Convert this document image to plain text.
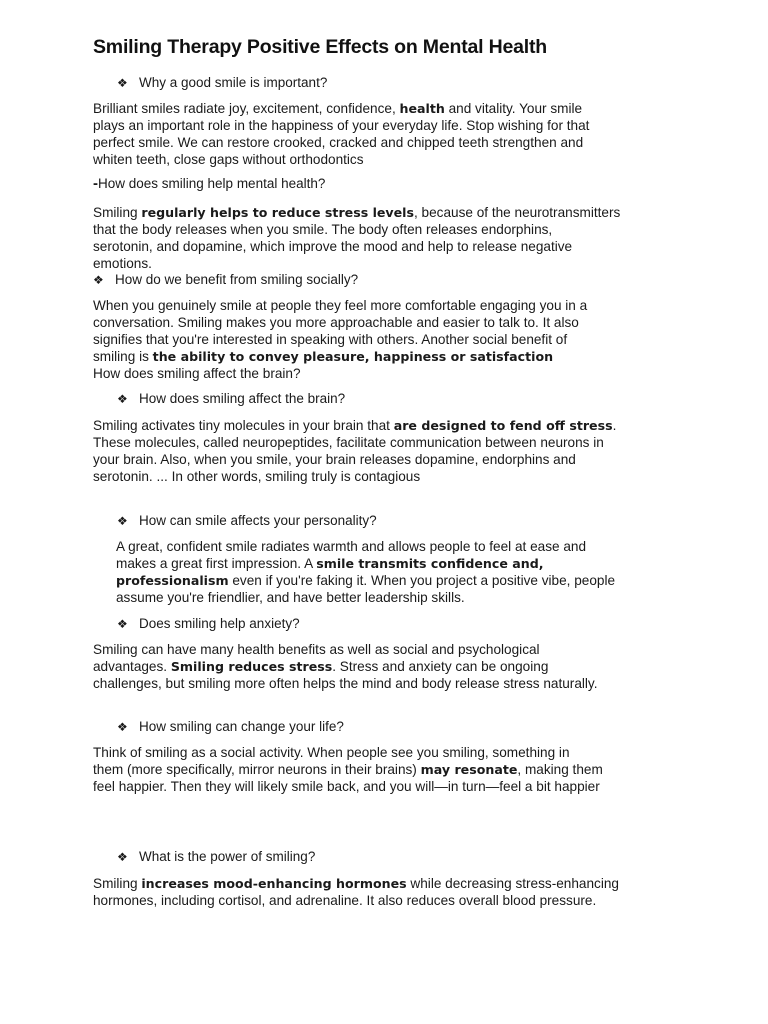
Smiling Therapy Positive Effects on Mental Health
❖ Why a good smile is important?
Brilliant smiles radiate joy, excitement, confidence, health and vitality. Your smile
plays an important role in the happiness of your everyday life. Stop wishing for that
perfect smile. We can restore crooked, cracked and chipped teeth strengthen and
whiten teeth, close gaps without orthodontics
-How does smiling help mental health?
Smiling regularly helps to reduce stress levels, because of the neurotransmitters
that the body releases when you smile. The body often releases endorphins,
serotonin, and dopamine, which improve the mood and help to release negative
emotions.
❖ How do we benefit from smiling socially?
When you genuinely smile at people they feel more comfortable engaging you in a
conversation. Smiling makes you more approachable and easier to talk to. It also
signifies that you're interested in speaking with others. Another social benefit of
smiling is the ability to convey pleasure, happiness or satisfaction
How does smiling affect the brain?
❖ How does smiling affect the brain?
Smiling activates tiny molecules in your brain that are designed to fend off stress.
These molecules, called neuropeptides, facilitate communication between neurons in
your brain. Also, when you smile, your brain releases dopamine, endorphins and
serotonin. ... In other words, smiling truly is contagious
❖ How can smile affects your personality?
A great, confident smile radiates warmth and allows people to feel at ease and
makes a great first impression. A smile transmits confidence and,
professionalism even if you're faking it. When you project a positive vibe, people
assume you're friendlier, and have better leadership skills.
❖ Does smiling help anxiety?
Smiling can have many health benefits as well as social and psychological
advantages. Smiling reduces stress. Stress and anxiety can be ongoing
challenges, but smiling more often helps the mind and body release stress naturally.
❖ How smiling can change your life?
Think of smiling as a social activity. When people see you smiling, something in
them (more specifically, mirror neurons in their brains) may resonate, making them
feel happier. Then they will likely smile back, and you will—in turn—feel a bit happier
❖ What is the power of smiling?
Smiling increases mood-enhancing hormones while decreasing stress-enhancing
hormones, including cortisol, and adrenaline. It also reduces overall blood pressure.
